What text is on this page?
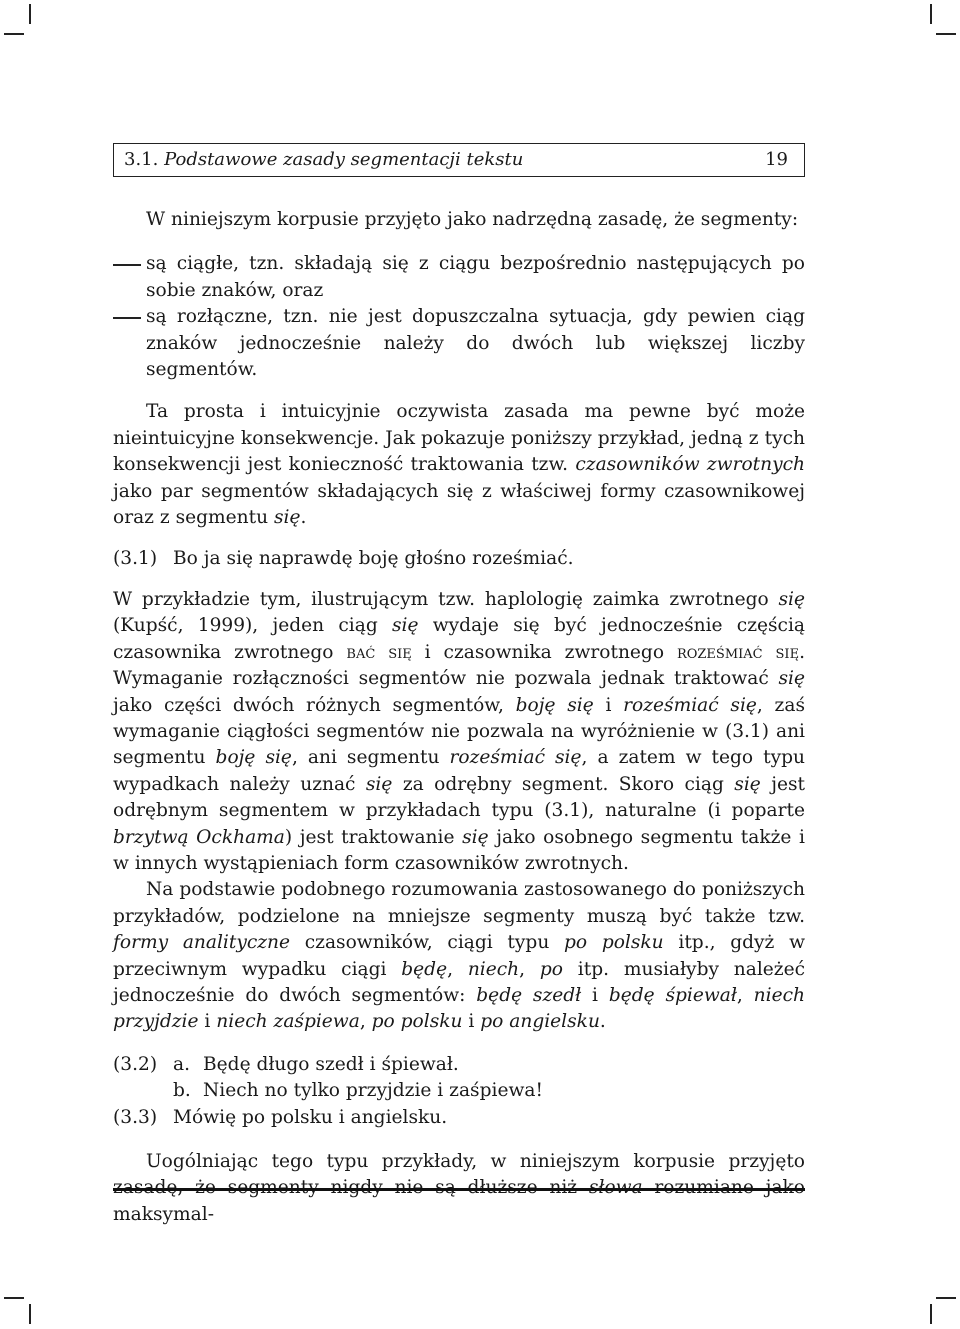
3.1. Podstawowe zasady segmentacji tekstu	19

W niniejszym korpusie przyjęto jako nadrzędną zasadę, że segmenty:

są ciągłe, tzn. składają się z ciągu bezpośrednio następujących po sobie znaków, oraz
są rozłączne, tzn. nie jest dopuszczalna sytuacja, gdy pewien ciąg znaków jednocześnie należy do dwóch lub większej liczby segmentów.

Ta prosta i intuicyjnie oczywista zasada ma pewne być może nieintuicyjne konsekwencje. Jak pokazuje poniższy przykład, jedną z tych konsekwencji jest konieczność traktowania tzw. czasowników zwrotnych jako par segmentów składających się z właściwej formy czasownikowej oraz z segmentu się.

(3.1) Bo ja się naprawdę boję głośno roześmiać.

W przykładzie tym, ilustrującym tzw. haplologię zaimka zwrotnego się (Kupść, 1999), jeden ciąg się wydaje się być jednocześnie częścią czasownika zwrotnego bać się i czasownika zwrotnego roześmiać się. Wymaganie rozłączności segmentów nie pozwala jednak traktować się jako części dwóch różnych segmentów, boję się i roześmiać się, zaś wymaganie ciągłości segmentów nie pozwala na wyróżnienie w (3.1) ani segmentu boję się, ani segmentu roześmiać się, a zatem w tego typu wypadkach należy uznać się za odrębny segment. Skoro ciąg się jest odrębnym segmentem w przykładach typu (3.1), naturalne (i poparte brzytwą Ockhama) jest traktowanie się jako osobnego segmentu także i w innych wystąpieniach form czasowników zwrotnych.

Na podstawie podobnego rozumowania zastosowanego do poniższych przykładów, podzielone na mniejsze segmenty muszą być także tzw. formy analityczne czasowników, ciągi typu po polsku itp., gdyż w przeciwnym wypadku ciągi będę, niech, po itp. musiałyby należeć jednocześnie do dwóch segmentów: będę szedł i będę śpiewał, niech przyjdzie i niech zaśpiewa, po polsku i po angielsku.

(3.2) a. Będę długo szedł i śpiewał.
b. Niech no tylko przyjdzie i zaśpiewa!
(3.3) Mówię po polsku i angielsku.

Uogólniając tego typu przykłady, w niniejszym korpusie przyjęto maksymal-
